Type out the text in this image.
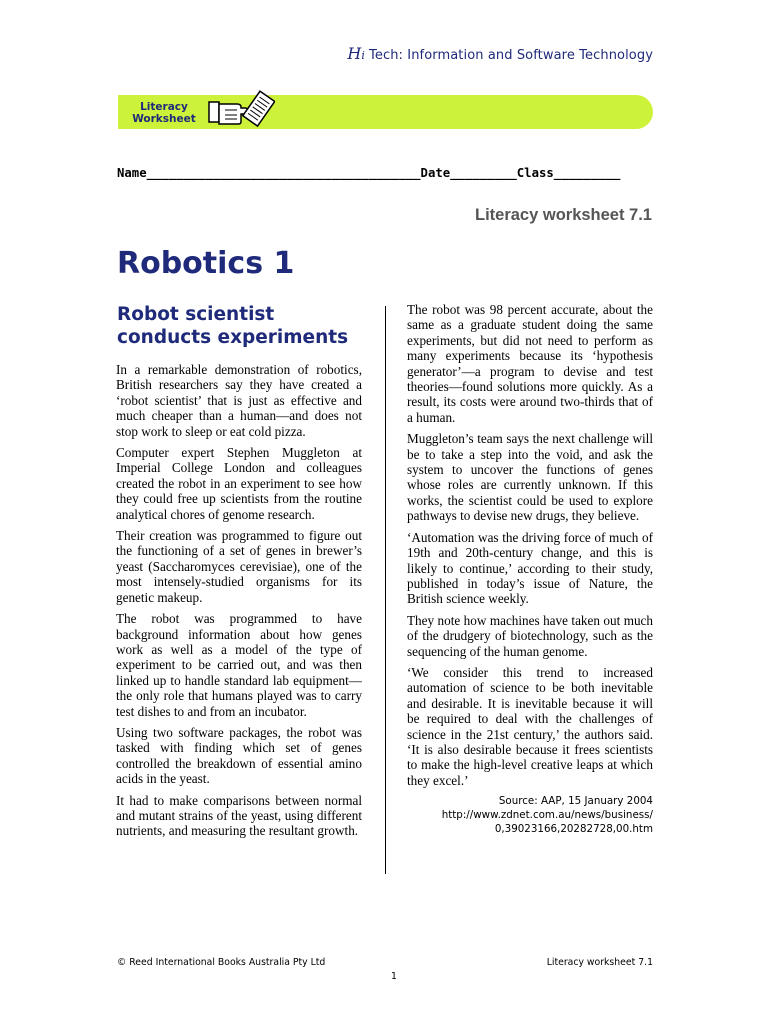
Hi Tech: Information and Software Technology
Literacy
Worksheet
Name_____________________________________Date_________Class_________
Literacy worksheet 7.1
Robotics 1
Robot scientist
conducts experiments

In a remarkable demonstration of robotics, British researchers say they have created a ‘robot scientist’ that is just as effective and much cheaper than a human—and does not stop work to sleep or eat cold pizza.

Computer expert Stephen Muggleton at Imperial College London and colleagues created the robot in an experiment to see how they could free up scientists from the routine analytical chores of genome research.

Their creation was programmed to figure out the functioning of a set of genes in brewer’s yeast (Saccharomyces cerevisiae), one of the most intensely-studied organisms for its genetic makeup.

The robot was programmed to have background information about how genes work as well as a model of the type of experiment to be carried out, and was then linked up to handle standard lab equipment—the only role that humans played was to carry test dishes to and from an incubator.

Using two software packages, the robot was tasked with finding which set of genes controlled the breakdown of essential amino acids in the yeast.

It had to make comparisons between normal and mutant strains of the yeast, using different nutrients, and measuring the resultant growth.

The robot was 98 percent accurate, about the same as a graduate student doing the same experiments, but did not need to perform as many experiments because its ‘hypothesis generator’—a program to devise and test theories—found solutions more quickly. As a result, its costs were around two-thirds that of a human.

Muggleton’s team says the next challenge will be to take a step into the void, and ask the system to uncover the functions of genes whose roles are currently unknown. If this works, the scientist could be used to explore pathways to devise new drugs, they believe.

‘Automation was the driving force of much of 19th and 20th-century change, and this is likely to continue,’ according to their study, published in today’s issue of Nature, the British science weekly.

They note how machines have taken out much of the drudgery of biotechnology, such as the sequencing of the human genome.

‘We consider this trend to increased automation of science to be both inevitable and desirable. It is inevitable because it will be required to deal with the challenges of science in the 21st century,’ the authors said. ‘It is also desirable because it frees scientists to make the high-level creative leaps at which they excel.’

Source: AAP, 15 January 2004
http://www.zdnet.com.au/news/business/
0,39023166,20282728,00.htm
© Reed International Books Australia Pty Ltd	Literacy worksheet 7.1
1
